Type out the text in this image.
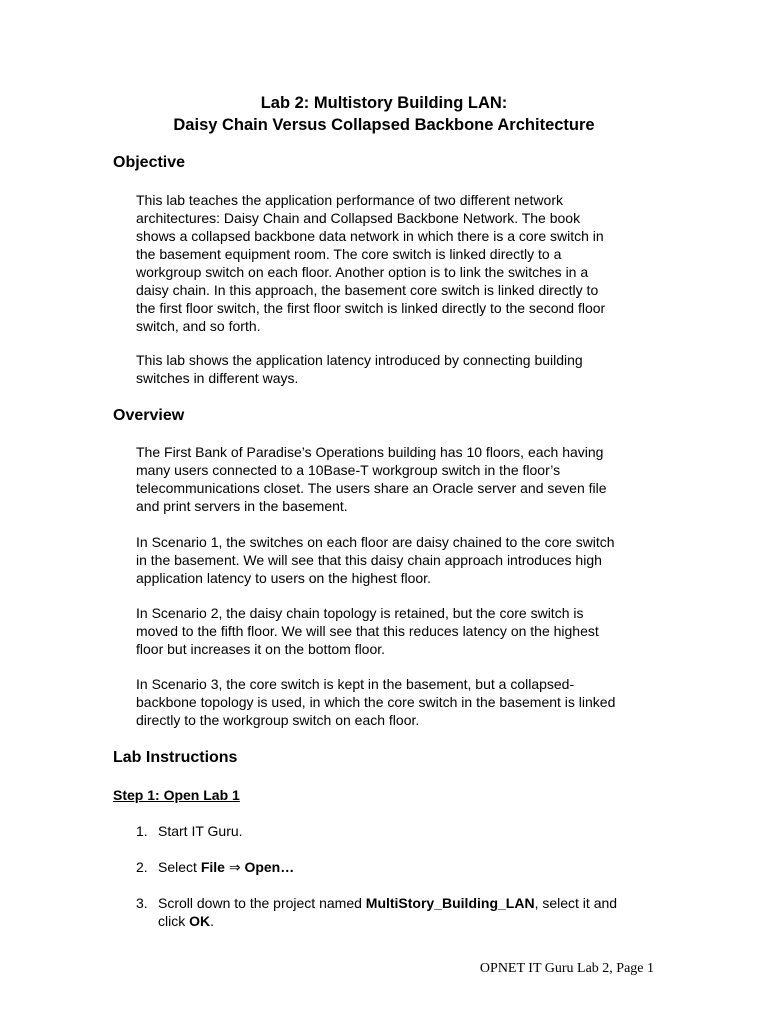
Lab 2: Multistory Building LAN:
Daisy Chain Versus Collapsed Backbone Architecture
Objective
This lab teaches the application performance of two different network
architectures: Daisy Chain and Collapsed Backbone Network. The book
shows a collapsed backbone data network in which there is a core switch in
the basement equipment room. The core switch is linked directly to a
workgroup switch on each floor. Another option is to link the switches in a
daisy chain. In this approach, the basement core switch is linked directly to
the first floor switch, the first floor switch is linked directly to the second floor
switch, and so forth.
This lab shows the application latency introduced by connecting building
switches in different ways.
Overview
The First Bank of Paradise’s Operations building has 10 floors, each having
many users connected to a 10Base-T workgroup switch in the floor’s
telecommunications closet. The users share an Oracle server and seven file
and print servers in the basement.
In Scenario 1, the switches on each floor are daisy chained to the core switch
in the basement. We will see that this daisy chain approach introduces high
application latency to users on the highest floor.
In Scenario 2, the daisy chain topology is retained, but the core switch is
moved to the fifth floor. We will see that this reduces latency on the highest
floor but increases it on the bottom floor.
In Scenario 3, the core switch is kept in the basement, but a collapsed-
backbone topology is used, in which the core switch in the basement is linked
directly to the workgroup switch on each floor.
Lab Instructions
Step 1: Open Lab 1
1. Start IT Guru.
2. Select File ⇒ Open…
3. Scroll down to the project named MultiStory_Building_LAN, select it and
click OK.
OPNET IT Guru Lab 2, Page 1
